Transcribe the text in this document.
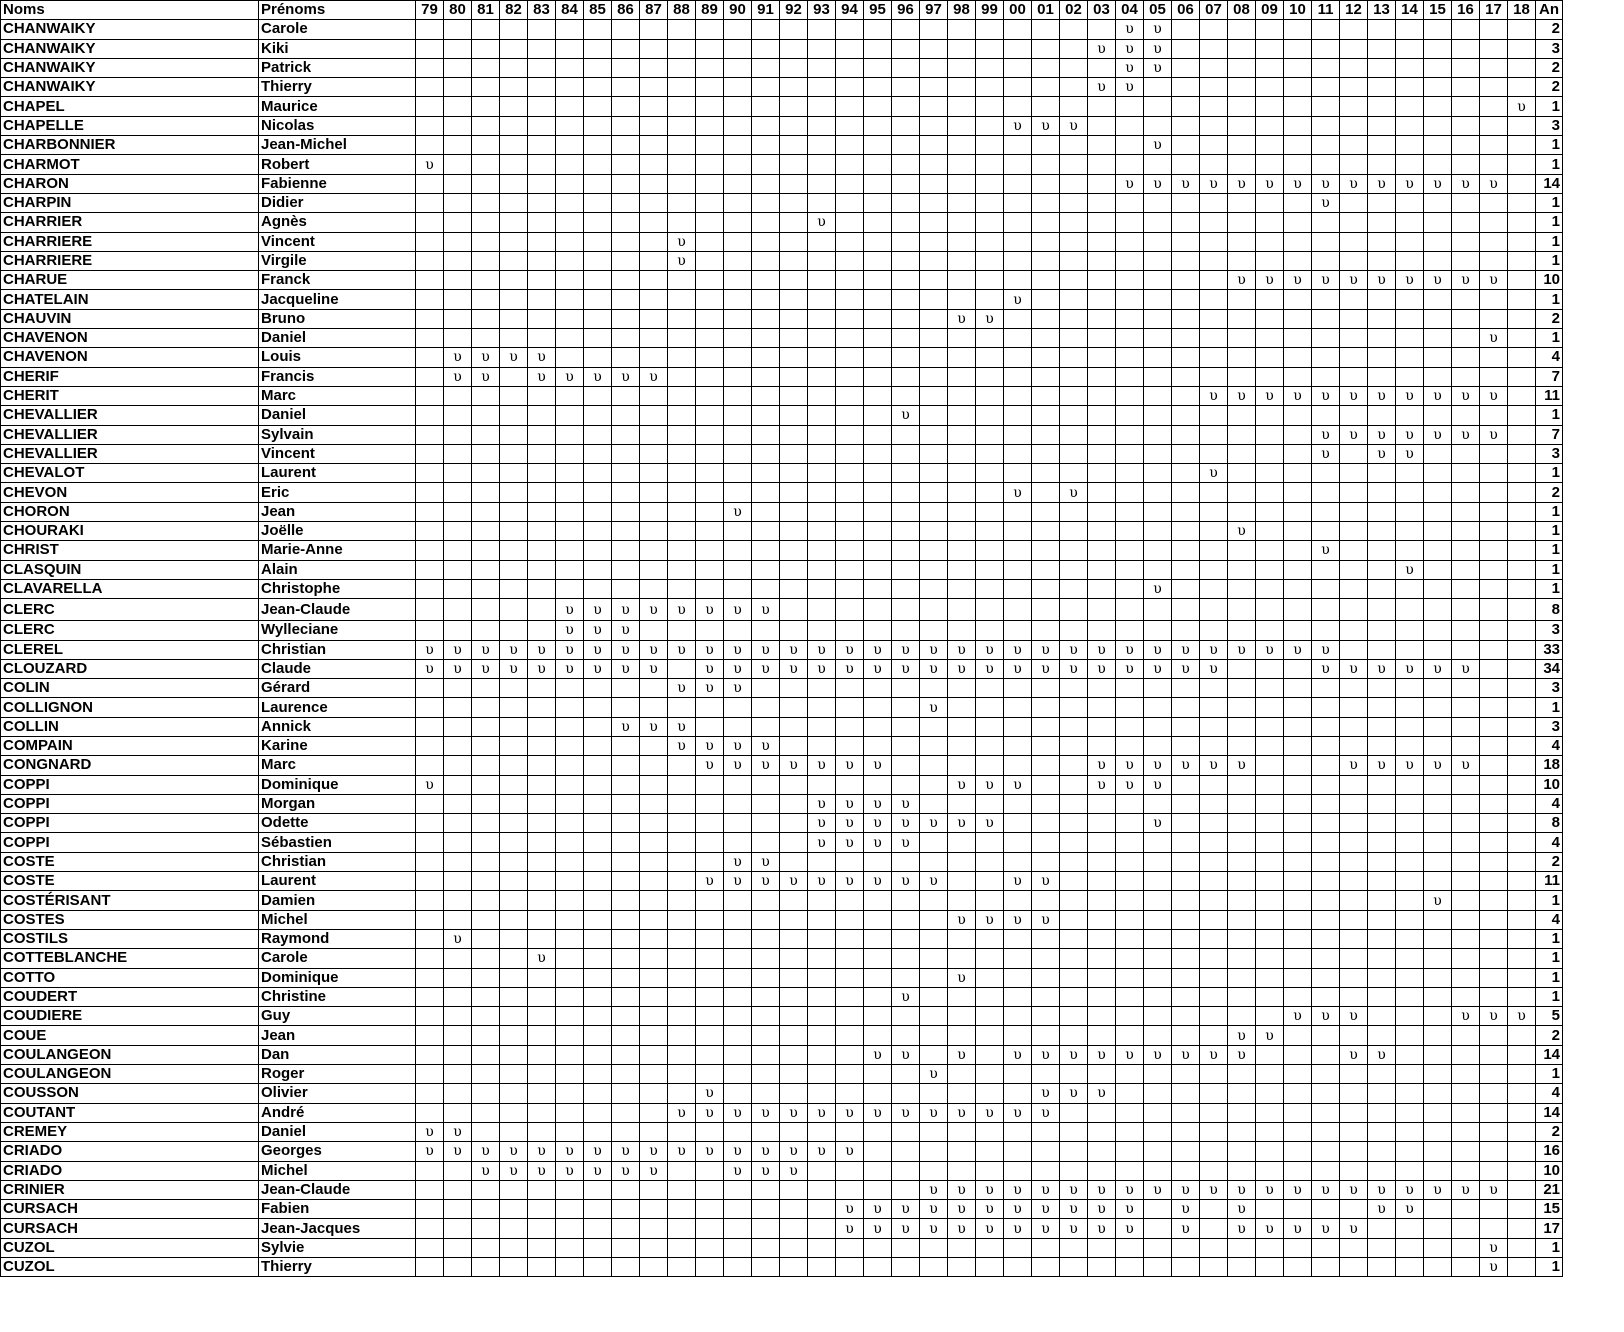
Noms	Prénoms	79	80	81	82	83	84	85	86	87	88	89	90	91	92	93	94	95	96	97	98	99	00	01	02	03	04	05	06	07	08	09	10	11	12	13	14	15	16	17	18	An
CHANWAIKY	Carole																										υ	υ														2
CHANWAIKY	Kiki																									υ	υ	υ														3
CHANWAIKY	Patrick																										υ	υ														2
CHANWAIKY	Thierry																									υ	υ															2
CHAPEL	Maurice																																								υ	1
CHAPELLE	Nicolas																						υ	υ	υ																	3
CHARBONNIER	Jean-Michel																											υ														1
CHARMOT	Robert	υ																																								1
CHARON	Fabienne																										υ	υ	υ	υ	υ	υ	υ	υ	υ	υ	υ	υ	υ	υ		14
CHARPIN	Didier																																	υ								1
CHARRIER	Agnès															υ																										1
CHARRIERE	Vincent										υ																															1
CHARRIERE	Virgile										υ																															1
CHARUE	Franck																														υ	υ	υ	υ	υ	υ	υ	υ	υ	υ		10
CHATELAIN	Jacqueline																						υ																			1
CHAUVIN	Bruno																				υ	υ																				2
CHAVENON	Daniel																																							υ		1
CHAVENON	Louis		υ	υ	υ	υ																																				4
CHERIF	Francis		υ	υ		υ	υ	υ	υ	υ																																7
CHERIT	Marc																													υ	υ	υ	υ	υ	υ	υ	υ	υ	υ	υ		11
CHEVALLIER	Daniel																		υ																							1
CHEVALLIER	Sylvain																																	υ	υ	υ	υ	υ	υ	υ		7
CHEVALLIER	Vincent																																	υ		υ	υ					3
CHEVALOT	Laurent																													υ												1
CHEVON	Eric																						υ		υ																	2
CHORON	Jean												υ																													1
CHOURAKI	Joëlle																														υ											1
CHRIST	Marie-Anne																																	υ								1
CLASQUIN	Alain																																				υ					1
CLAVARELLA	Christophe																											υ														1
CLERC	Jean-Claude						υ	υ	υ	υ	υ	υ	υ	υ																												8
CLERC	Wylleciane						υ	υ	υ																																	3
CLEREL	Christian	υ	υ	υ	υ	υ	υ	υ	υ	υ	υ	υ	υ	υ	υ	υ	υ	υ	υ	υ	υ	υ	υ	υ	υ	υ	υ	υ	υ	υ	υ	υ	υ	υ								33
CLOUZARD	Claude	υ	υ	υ	υ	υ	υ	υ	υ	υ		υ	υ	υ	υ	υ	υ	υ	υ	υ	υ	υ	υ	υ	υ	υ	υ	υ	υ	υ				υ	υ	υ	υ	υ	υ			34
COLIN	Gérard										υ	υ	υ																													3
COLLIGNON	Laurence																			υ																						1
COLLIN	Annick								υ	υ	υ																															3
COMPAIN	Karine										υ	υ	υ	υ																												4
CONGNARD	Marc											υ	υ	υ	υ	υ	υ	υ								υ	υ	υ	υ	υ	υ				υ	υ	υ	υ	υ			18
COPPI	Dominique	υ																			υ	υ	υ			υ	υ	υ														10
COPPI	Morgan															υ	υ	υ	υ																							4
COPPI	Odette															υ	υ	υ	υ	υ	υ	υ						υ														8
COPPI	Sébastien															υ	υ	υ	υ																							4
COSTE	Christian												υ	υ																												2
COSTE	Laurent											υ	υ	υ	υ	υ	υ	υ	υ	υ			υ	υ																		11
COSTÉRISANT	Damien																																					υ				1
COSTES	Michel																				υ	υ	υ	υ																		4
COSTILS	Raymond		υ																																							1
COTTEBLANCHE	Carole					υ																																				1
COTTO	Dominique																				υ																					1
COUDERT	Christine																		υ																							1
COUDIERE	Guy																																υ	υ	υ				υ	υ	υ	5
COUE	Jean																														υ	υ										2
COULANGEON	Dan																	υ	υ		υ		υ	υ	υ	υ	υ	υ	υ	υ	υ				υ	υ						14
COULANGEON	Roger																			υ																						1
COUSSON	Olivier											υ												υ	υ	υ																4
COUTANT	André										υ	υ	υ	υ	υ	υ	υ	υ	υ	υ	υ	υ	υ	υ																		14
CREMEY	Daniel	υ	υ																																							2
CRIADO	Georges	υ	υ	υ	υ	υ	υ	υ	υ	υ	υ	υ	υ	υ	υ	υ	υ																									16
CRIADO	Michel			υ	υ	υ	υ	υ	υ	υ			υ	υ	υ																											10
CRINIER	Jean-Claude																			υ	υ	υ	υ	υ	υ	υ	υ	υ	υ	υ	υ	υ	υ	υ	υ	υ	υ	υ	υ	υ		21
CURSACH	Fabien																υ	υ	υ	υ	υ	υ	υ	υ	υ	υ	υ		υ		υ					υ	υ					15
CURSACH	Jean-Jacques																υ	υ	υ	υ	υ	υ	υ	υ	υ	υ	υ		υ		υ	υ	υ	υ	υ							17
CUZOL	Sylvie																																							υ		1
CUZOL	Thierry																																							υ		1
